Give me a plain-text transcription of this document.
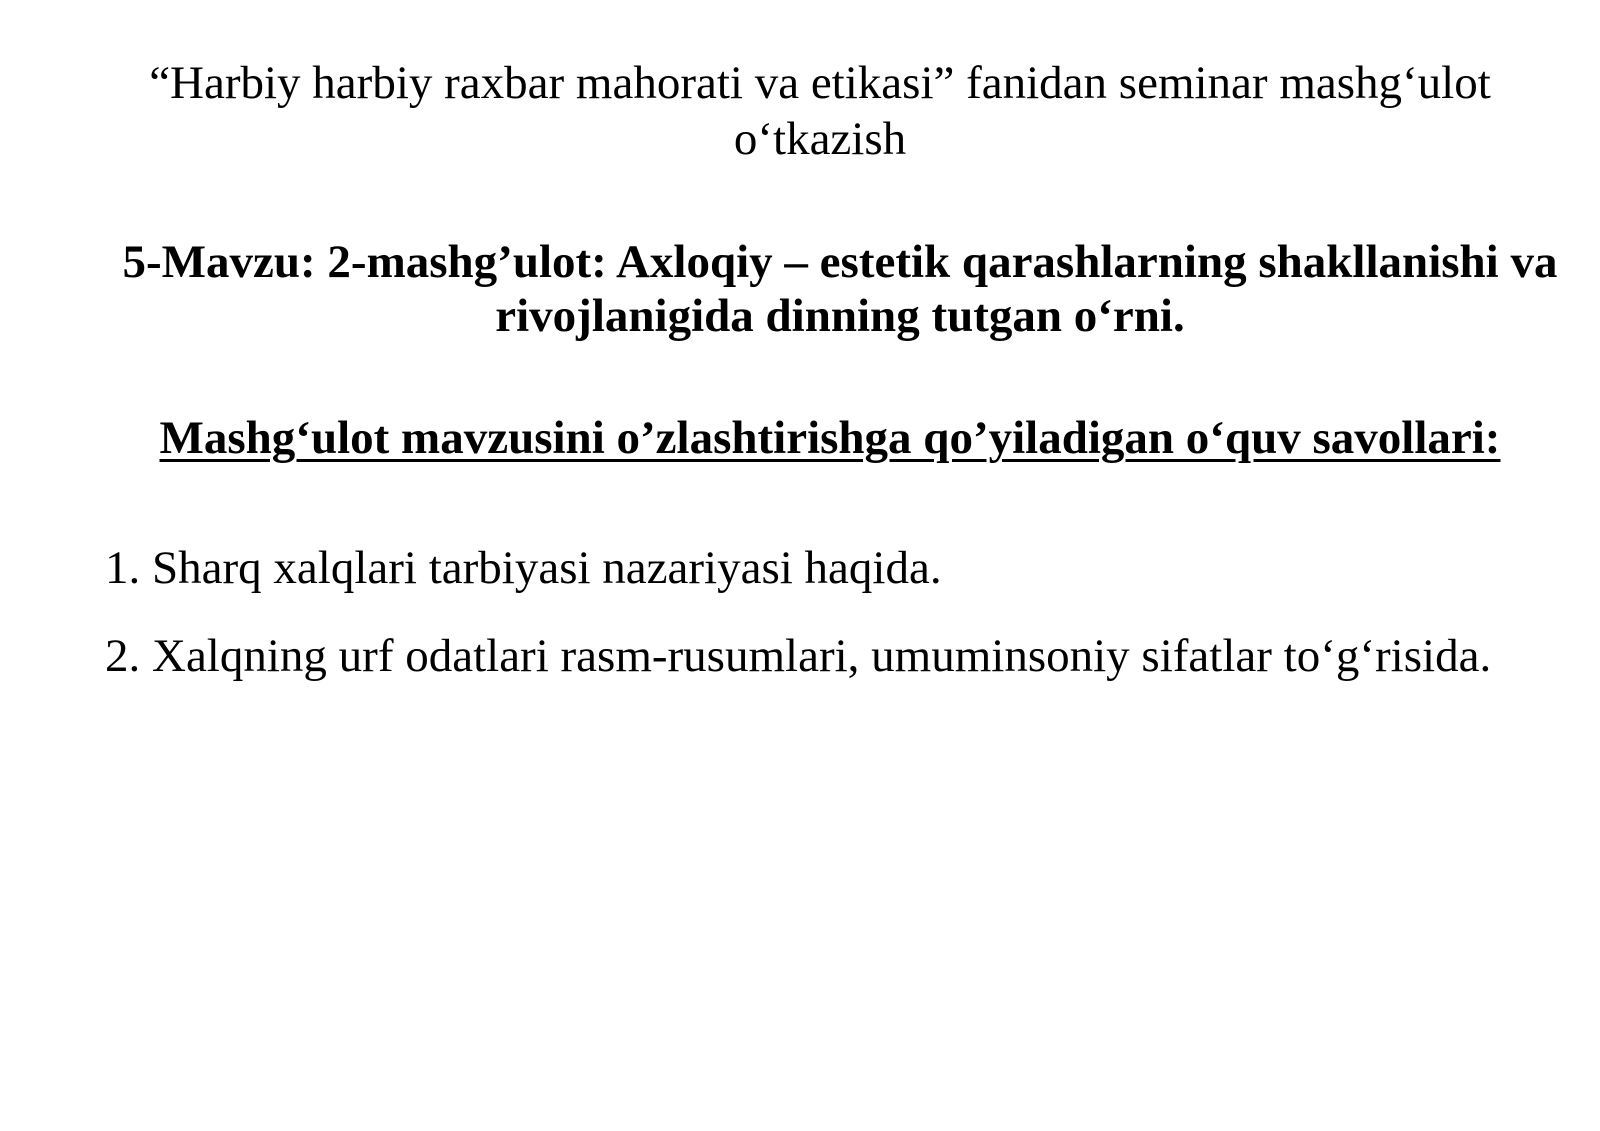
“Harbiy harbiy raxbar mahorati va etikasi” fanidan seminar mashg‘ulot o‘tkazish
5-Mavzu: 2-mashg’ulot: Axloqiy – estetik qarashlarning shakllanishi va rivojlanigida dinning tutgan o‘rni.
Mashg‘ulot mavzusini o’zlashtirishga qo’yiladigan o‘quv savollari:
1. Sharq xalqlari tarbiyasi nazariyasi haqida.
2. Xalqning urf odatlari rasm-rusumlari, umuminsoniy sifatlar to‘g‘risida.
